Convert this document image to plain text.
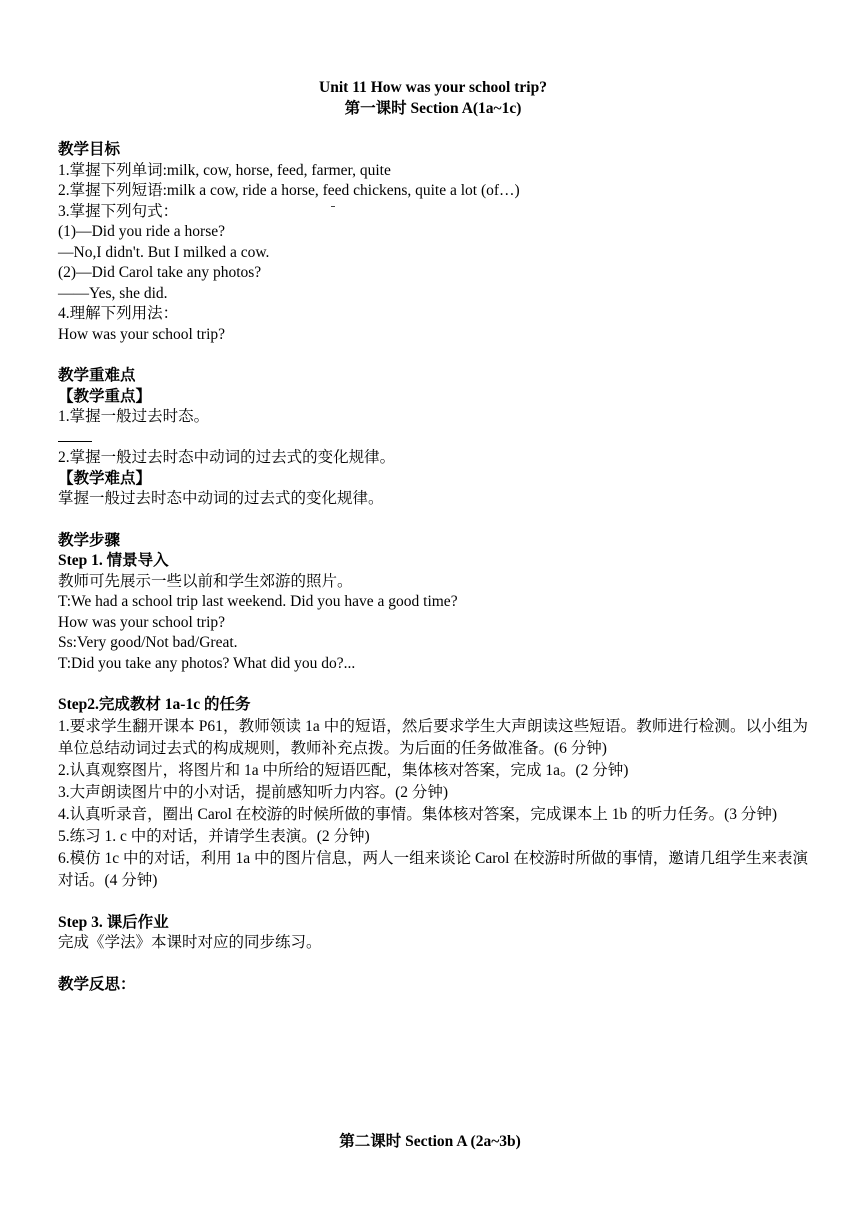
Unit 11 How was your school trip?
第一课时 Section A(1a~1c)
教学目标
1.掌握下列单词:milk, cow, horse, feed, farmer, quite
2.掌握下列短语:milk a cow, ride a horse, feed chickens, quite a lot (of…)
3.掌握下列句式：
(1)—Did you ride a horse?
—No,I didn't. But I milked a cow.
(2)—Did Carol take any photos?
——Yes, she did.
4.理解下列用法：
How was your school trip?
教学重难点
【教学重点】
1.掌握一般过去时态。
2.掌握一般过去时态中动词的过去式的变化规律。
【教学难点】
掌握一般过去时态中动词的过去式的变化规律。
教学步骤
Step 1. 情景导入
教师可先展示一些以前和学生郊游的照片。
T:We had a school trip last weekend. Did you have a good time?
How was your school trip?
Ss:Very good/Not bad/Great.
T:Did you take any photos? What did you do?...
Step2.完成教材 1a-1c 的任务
1.要求学生翻开课本 P61，教师领读 1a 中的短语，然后要求学生大声朗读这些短语。教师进行检测。以小组为单位总结动词过去式的构成规则，教师补充点拨。为后面的任务做准备。(6 分钟)
2.认真观察图片，将图片和 1a 中所给的短语匹配，集体核对答案，完成 1a。(2 分钟)
3.大声朗读图片中的小对话，提前感知听力内容。(2 分钟)
4.认真听录音，圈出 Carol 在校游的时候所做的事情。集体核对答案，完成课本上 1b 的听力任务。(3 分钟)
5.练习 1. c 中的对话，并请学生表演。(2 分钟)
6.模仿 1c 中的对话，利用 1a 中的图片信息，两人一组来谈论 Carol 在校游时所做的事情，邀请几组学生来表演对话。(4 分钟)
Step 3. 课后作业
完成《学法》本课时对应的同步练习。
教学反思：
第二课时 Section A (2a~3b)
